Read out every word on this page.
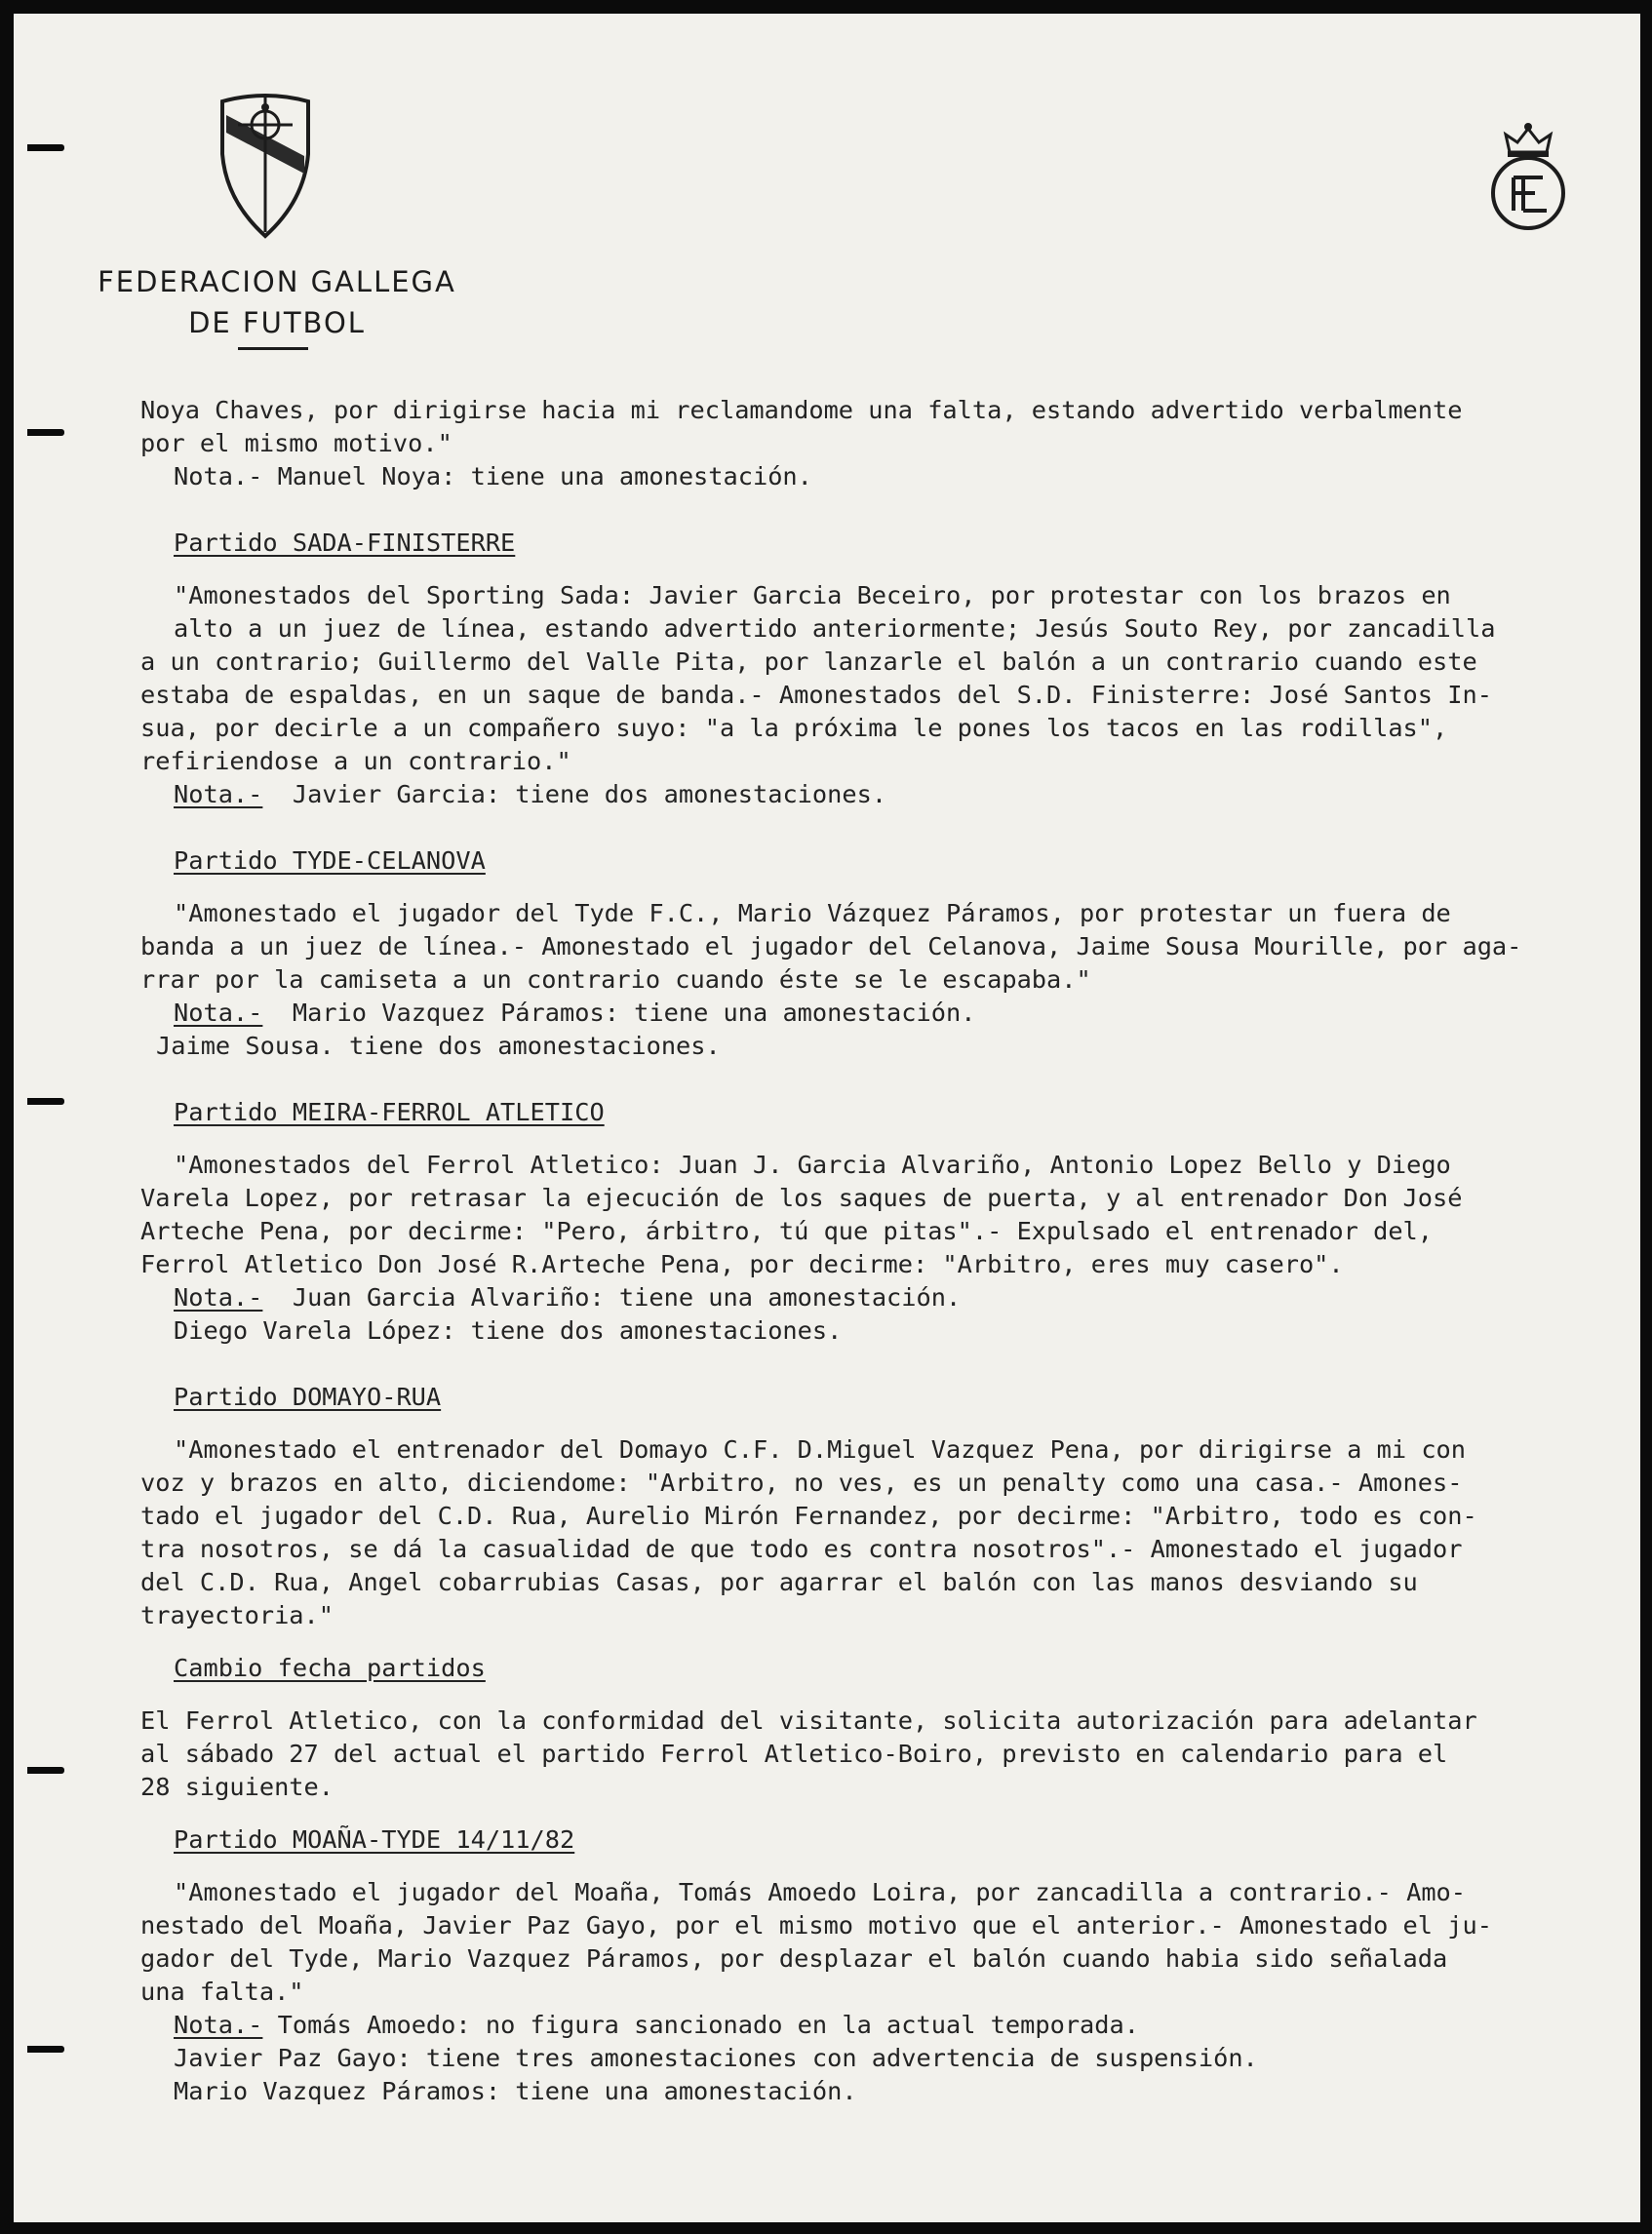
FEDERACION GALLEGA
DE FUTBOL

Noya Chaves, por dirigirse hacia mi reclamandome una falta, estando advertido verbalmente

por el mismo motivo."

Nota.- Manuel Noya: tiene una amonestación.

Partido SADA-FINISTERRE

"Amonestados del Sporting Sada: Javier Garcia Beceiro, por protestar con los brazos en

alto a un juez de línea, estando advertido anteriormente; Jesús Souto Rey, por zancadilla

a un contrario; Guillermo del Valle Pita, por lanzarle el balón a un contrario cuando este

estaba de espaldas, en un saque de banda.- Amonestados del S.D. Finisterre: José Santos In-

sua, por decirle a un compañero suyo: "a la próxima le pones los tacos en las rodillas",

refiriendose a un contrario."

Nota.- Javier Garcia: tiene dos amonestaciones.

Partido TYDE-CELANOVA

"Amonestado el jugador del Tyde F.C., Mario Vázquez Páramos, por protestar un fuera de

banda a un juez de línea.- Amonestado el jugador del Celanova, Jaime Sousa Mourille, por aga-

rrar por la camiseta a un contrario cuando éste se le escapaba."

Nota.- Mario Vazquez Páramos: tiene una amonestación.

Jaime Sousa. tiene dos amonestaciones.

Partido MEIRA-FERROL ATLETICO

"Amonestados del Ferrol Atletico: Juan J. Garcia Alvariño, Antonio Lopez Bello y Diego

Varela Lopez, por retrasar la ejecución de los saques de puerta, y al entrenador Don José

Arteche Pena, por decirme: "Pero, árbitro, tú que pitas".- Expulsado el entrenador del,

Ferrol Atletico Don José R.Arteche Pena, por decirme: "Arbitro, eres muy casero".

Nota.- Juan Garcia Alvariño: tiene una amonestación.

Diego Varela López: tiene dos amonestaciones.

Partido DOMAYO-RUA

"Amonestado el entrenador del Domayo C.F. D.Miguel Vazquez Pena, por dirigirse a mi con

voz y brazos en alto, diciendome: "Arbitro, no ves, es un penalty como una casa.- Amones-

tado el jugador del C.D. Rua, Aurelio Mirón Fernandez, por decirme: "Arbitro, todo es con-

tra nosotros, se dá la casualidad de que todo es contra nosotros".- Amonestado el jugador

del C.D. Rua, Angel cobarrubias Casas, por agarrar el balón con las manos desviando su

trayectoria."

Cambio fecha partidos

El Ferrol Atletico, con la conformidad del visitante, solicita autorización para adelantar

al sábado 27 del actual el partido Ferrol Atletico-Boiro, previsto en calendario para el

28 siguiente.

Partido MOAÑA-TYDE 14/11/82

"Amonestado el jugador del Moaña, Tomás Amoedo Loira, por zancadilla a contrario.- Amo-

nestado del Moaña, Javier Paz Gayo, por el mismo motivo que el anterior.- Amonestado el ju-

gador del Tyde, Mario Vazquez Páramos, por desplazar el balón cuando habia sido señalada

una falta."

Nota.- Tomás Amoedo: no figura sancionado en la actual temporada.

Javier Paz Gayo: tiene tres amonestaciones con advertencia de suspensión.

Mario Vazquez Páramos: tiene una amonestación.
